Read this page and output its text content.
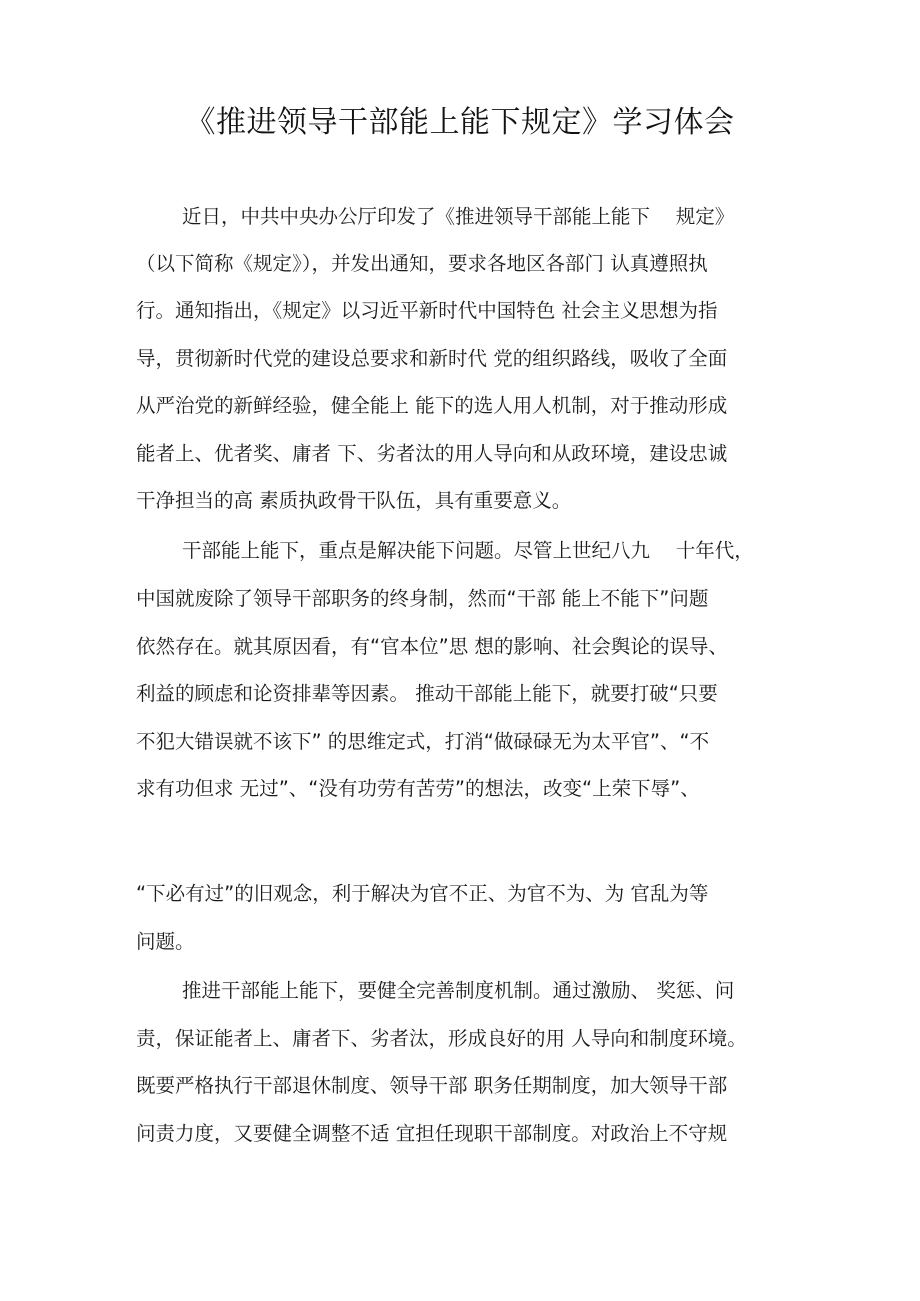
《推进领导干部能上能下规定》学习体会
近日，中共中央办公厅印发了《推进领导干部能上能下　 规定》
（以下简称《规定》），并发出通知，要求各地区各部门 认真遵照执
行。通知指出，《规定》以习近平新时代中国特色 社会主义思想为指
导，贯彻新时代党的建设总要求和新时代 党的组织路线，吸收了全面
从严治党的新鲜经验，健全能上 能下的选人用人机制，对于推动形成
能者上、优者奖、庸者 下、劣者汰的用人导向和从政环境，建设忠诚
干净担当的高 素质执政骨干队伍，具有重要意义。
干部能上能下，重点是解决能下问题。尽管上世纪八九　 十年代，
中国就废除了领导干部职务的终身制，然而“干部 能上不能下”问题
依然存在。就其原因看，有“官本位”思 想的影响、社会舆论的误导、
利益的顾虑和论资排辈等因素。 推动干部能上能下，就要打破“只要
不犯大错误就不该下” 的思维定式，打消“做碌碌无为太平官”、“不
求有功但求 无过”、“没有功劳有苦劳”的想法，改变“上荣下辱”、
“下必有过”的旧观念，利于解决为官不正、为官不为、为 官乱为等
问题。
推进干部能上能下，要健全完善制度机制。通过激励、 奖惩、问
责，保证能者上、庸者下、劣者汰，形成良好的用 人导向和制度环境。
既要严格执行干部退休制度、领导干部 职务任期制度，加大领导干部
问责力度，又要健全调整不适 宜担任现职干部制度。对政治上不守规
